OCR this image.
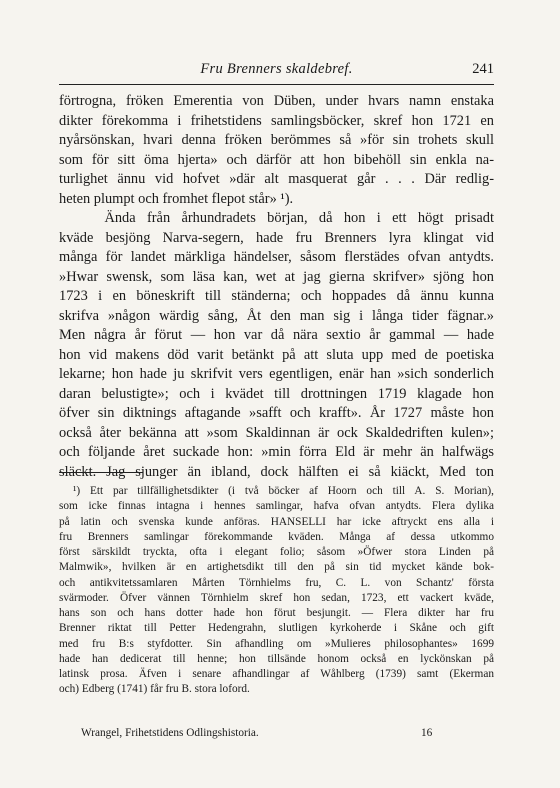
Fru Brenners skaldebref.	241

förtrogna, fröken Emerentia von Düben, under hvars namn enstaka

dikter förekomma i frihetstidens samlingsböcker, skref hon 1721 en

nyårsönskan, hvari denna fröken berömmes så »för sin trohets skull

som för sitt öma hjerta» och därför att hon bibehöll sin enkla na-

turlighet ännu vid hofvet »där alt masquerat går . . . Där redlig-

heten plumpt och fromhet flepot står» ¹).

Ända från århundradets början, då hon i ett högt prisadt

kväde besjöng Narva-segern, hade fru Brenners lyra klingat vid

många för landet märkliga händelser, såsom flerstädes ofvan antydts.

»Hwar swensk, som läsa kan, wet at jag gierna skrifver» sjöng hon

1723 i en böneskrift till ständerna; och hoppades då ännu kunna

skrifva »någon wärdig sång, Åt den man sig i långa tider fägnar.»

Men några år förut — hon var då nära sextio år gammal — hade

hon vid makens död varit betänkt på att sluta upp med de poetiska

lekarne; hon hade ju skrifvit vers egentligen, enär han »sich sonderlich

daran belustigte»; och i kvädet till drottningen 1719 klagade hon

öfver sin diktnings aftagande »safft och krafft». År 1727 måste hon

också åter bekänna att »som Skaldinnan är ock Skaldedriften kulen»;

och följande året suckade hon: »min förra Eld är mehr än halfwägs

släckt. Jag sjunger än ibland, dock hälften ei så kiäckt, Med ton

¹) Ett par tillfällighetsdikter (i två böcker af Hoorn och till A. S. Morian),

som icke finnas intagna i hennes samlingar, hafva ofvan antydts. Flera dylika

på latin och svenska kunde anföras. HANSELLI har icke aftryckt ens alla i

fru Brenners samlingar förekommande kväden. Många af dessa utkommo

först särskildt tryckta, ofta i elegant folio; såsom »Öfwer stora Linden på

Malmwik», hvilken är en artighetsdikt till den på sin tid mycket kände bok-

och antikvitetssamlaren Mårten Törnhielms fru, C. L. von Schantz' första

svärmoder. Öfver vännen Törnhielm skref hon sedan, 1723, ett vackert kväde,

hans son och hans dotter hade hon förut besjungit. — Flera dikter har fru

Brenner riktat till Petter Hedengrahn, slutligen kyrkoherde i Skåne och gift

med fru B:s styfdotter. Sin afhandling om »Mulieres philosophantes» 1699

hade han dedicerat till henne; hon tillsände honom också en lyckönskan på

latinsk prosa. Äfven i senare afhandlingar af Wåhlberg (1739) samt (Ekerman

och) Edberg (1741) får fru B. stora loford.

Wrangel, Frihetstidens Odlingshistoria.	16
